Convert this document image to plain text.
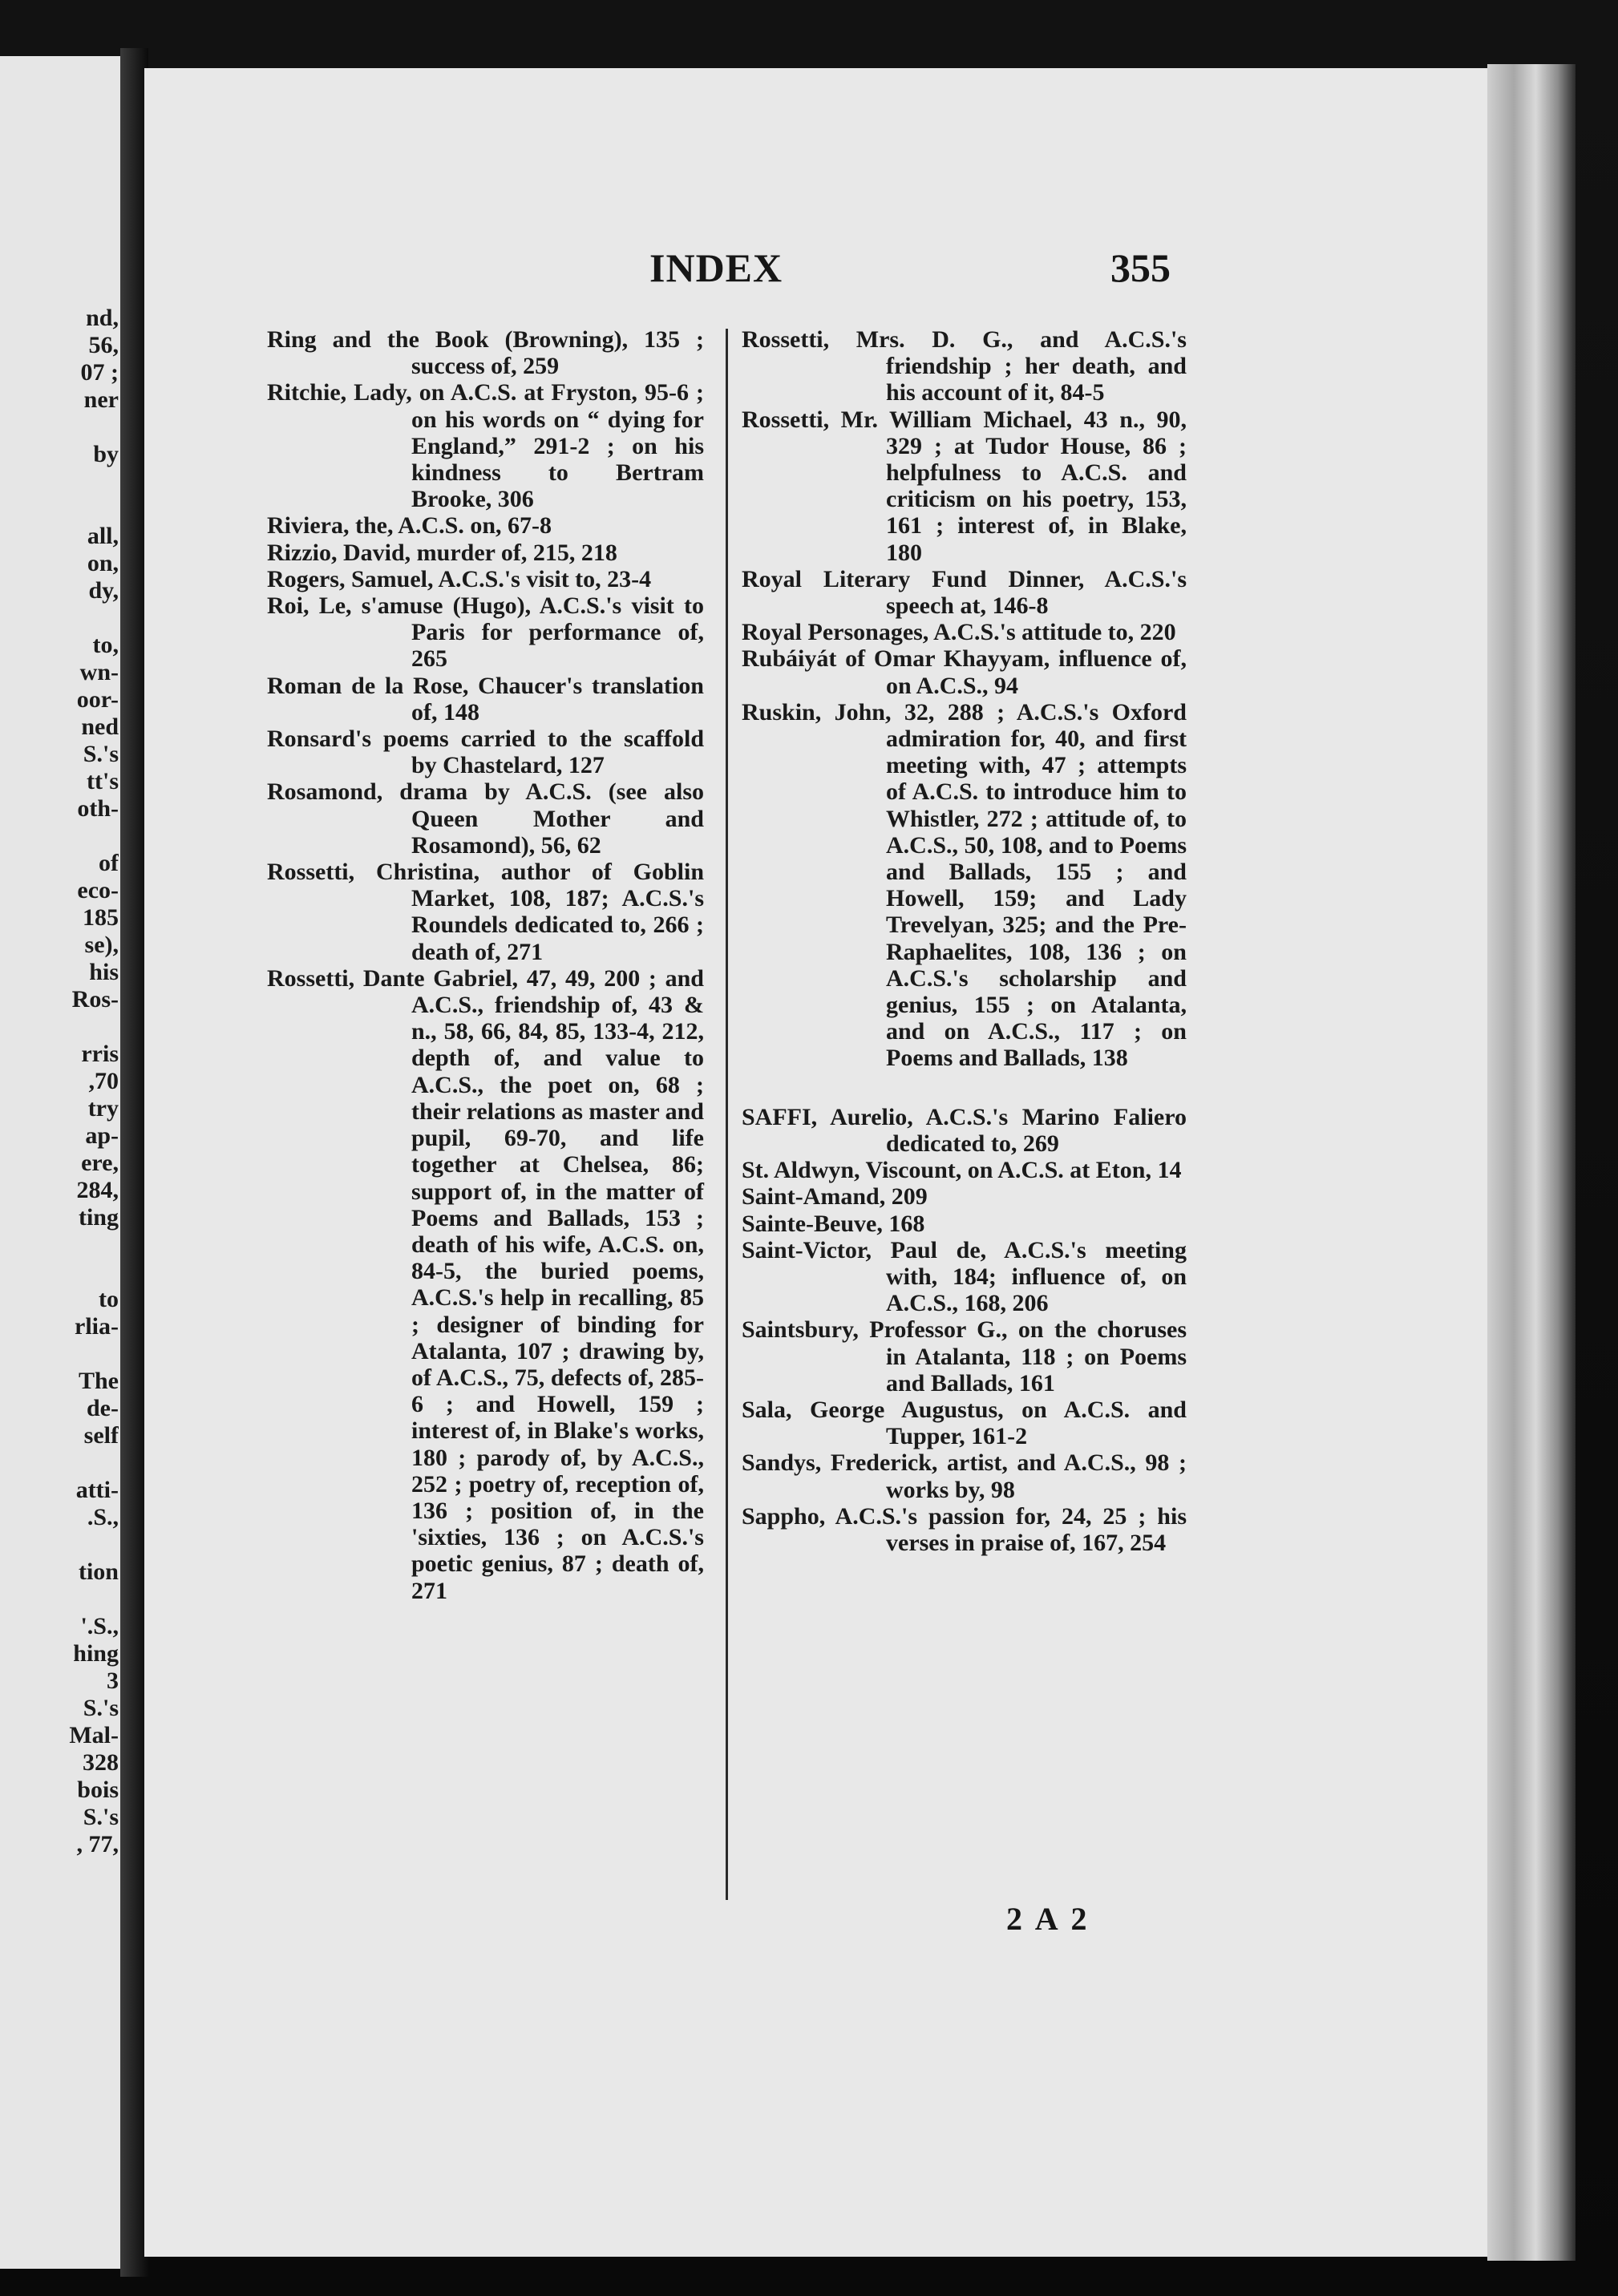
nd,
56,
07 ;
ner

by

all,
on,
dy,

to,
wn-
oor-
ned
S.'s
tt's
oth-

of
eco-
185
se),
his
Ros-

rris
,70
try
ap-
ere,
284,
ting

to
rlia-

The
de-
self

atti-
.S.,

tion

'.S.,
hing
3
S.'s
Mal-
328
bois
S.'s
, 77,
INDEX	355

Ring and the Book (Browning), 135 ; success of, 259

Ritchie, Lady, on A.C.S. at Fryston, 95-6 ; on his words on “ dying for England,” 291-2 ; on his kindness to Bertram Brooke, 306

Riviera, the, A.C.S. on, 67-8

Rizzio, David, murder of, 215, 218

Rogers, Samuel, A.C.S.'s visit to, 23-4

Roi, Le, s'amuse (Hugo), A.C.S.'s visit to Paris for performance of, 265

Roman de la Rose, Chaucer's translation of, 148

Ronsard's poems carried to the scaffold by Chastelard, 127

Rosamond, drama by A.C.S. (see also Queen Mother and Rosamond), 56, 62

Rossetti, Christina, author of Goblin Market, 108, 187; A.C.S.'s Roundels dedicated to, 266 ; death of, 271

Rossetti, Dante Gabriel, 47, 49, 200 ; and A.C.S., friendship of, 43 & n., 58, 66, 84, 85, 133-4, 212, depth of, and value to A.C.S., the poet on, 68 ; their relations as master and pupil, 69-70, and life together at Chelsea, 86; support of, in the matter of Poems and Ballads, 153 ; death of his wife, A.C.S. on, 84-5, the buried poems, A.C.S.'s help in recalling, 85 ; designer of binding for Atalanta, 107 ; drawing by, of A.C.S., 75, defects of, 285-6 ; and Howell, 159 ; interest of, in Blake's works, 180 ; parody of, by A.C.S., 252 ; poetry of, reception of, 136 ; position of, in the 'sixties, 136 ; on A.C.S.'s poetic genius, 87 ; death of, 271

Rossetti, Mrs. D. G., and A.C.S.'s friendship ; her death, and his account of it, 84-5

Rossetti, Mr. William Michael, 43 n., 90, 329 ; at Tudor House, 86 ; helpfulness to A.C.S. and criticism on his poetry, 153, 161 ; interest of, in Blake, 180

Royal Literary Fund Dinner, A.C.S.'s speech at, 146-8

Royal Personages, A.C.S.'s attitude to, 220

Rubáiyát of Omar Khayyam, influence of, on A.C.S., 94

Ruskin, John, 32, 288 ; A.C.S.'s Oxford admiration for, 40, and first meeting with, 47 ; attempts of A.C.S. to introduce him to Whistler, 272 ; attitude of, to A.C.S., 50, 108, and to Poems and Ballads, 155 ; and Howell, 159; and Lady Trevelyan, 325; and the Pre-Raphaelites, 108, 136 ; on A.C.S.'s scholarship and genius, 155 ; on Atalanta, and on A.C.S., 117 ; on Poems and Ballads, 138

SAFFI, Aurelio, A.C.S.'s Marino Faliero dedicated to, 269

St. Aldwyn, Viscount, on A.C.S. at Eton, 14

Saint-Amand, 209

Sainte-Beuve, 168

Saint-Victor, Paul de, A.C.S.'s meeting with, 184; influence of, on A.C.S., 168, 206

Saintsbury, Professor G., on the choruses in Atalanta, 118 ; on Poems and Ballads, 161

Sala, George Augustus, on A.C.S. and Tupper, 161-2

Sandys, Frederick, artist, and A.C.S., 98 ; works by, 98

Sappho, A.C.S.'s passion for, 24, 25 ; his verses in praise of, 167, 254

2 A 2
